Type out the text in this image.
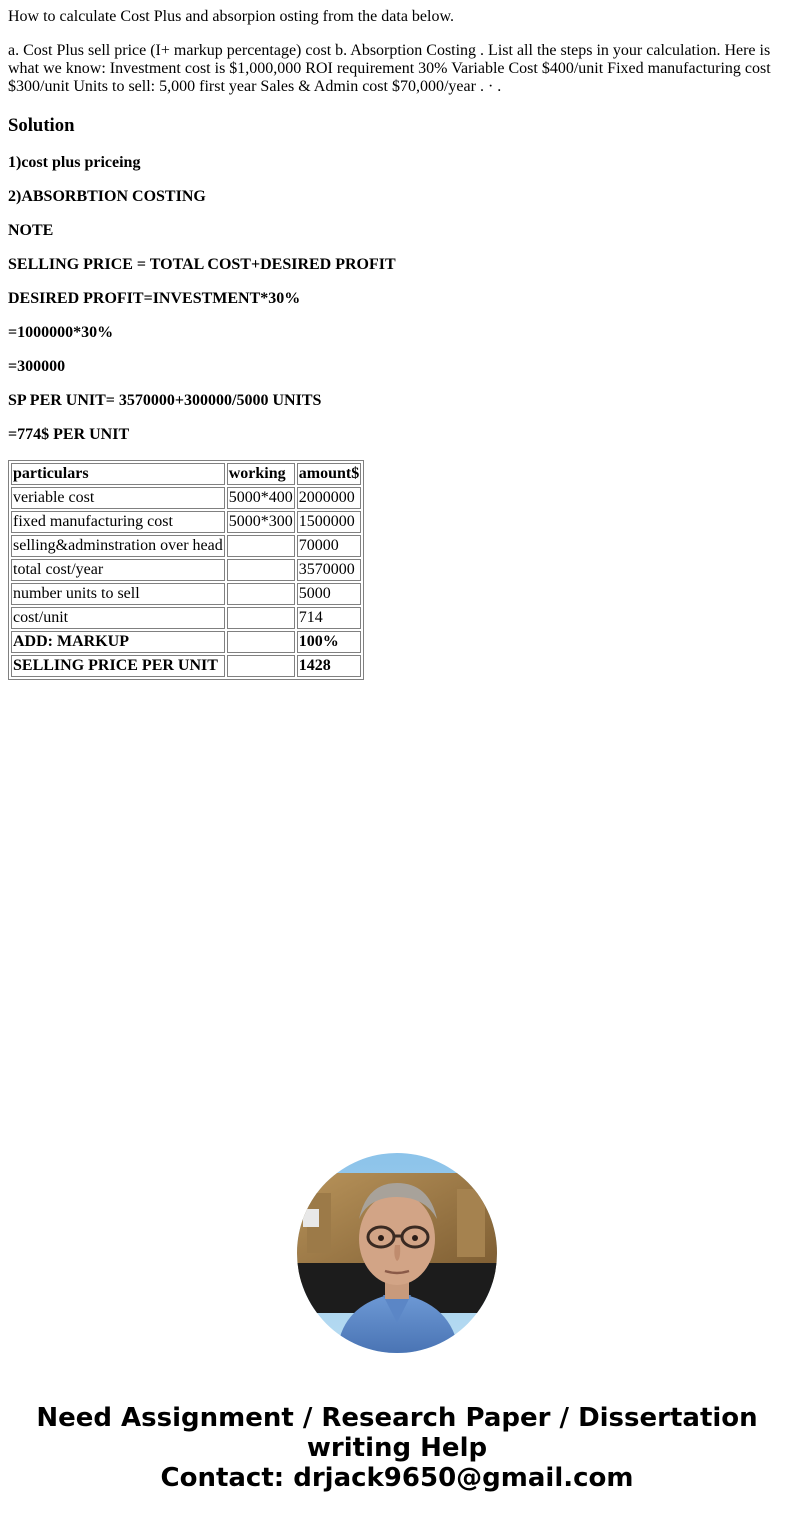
How to calculate Cost Plus and absorpion osting from the data below.

a. Cost Plus sell price (I+ markup percentage) cost b. Absorption Costing . List all the steps in your calculation. Here is what we know: Investment cost is $1,000,000 ROI requirement 30% Variable Cost $400/unit Fixed manufacturing cost $300/unit Units to sell: 5,000 first year Sales & Admin cost $70,000/year . · .

Solution

1)cost plus priceing

2)ABSORBTION COSTING

NOTE

SELLING PRICE = TOTAL COST+DESIRED PROFIT

DESIRED PROFIT=INVESTMENT*30%

=1000000*30%

=300000

SP PER UNIT= 3570000+300000/5000 UNITS

=774$ PER UNIT

particulars	working	amount$
veriable cost	5000*400	2000000
fixed manufacturing cost	5000*300	1500000
selling&adminstration over head		70000
total cost/year		3570000
number units to sell		5000
cost/unit		714
ADD: MARKUP		100%
SELLING PRICE PER UNIT		1428
Need Assignment / Research Paper / Dissertation
writing Help
Contact: drjack9650@gmail.com
